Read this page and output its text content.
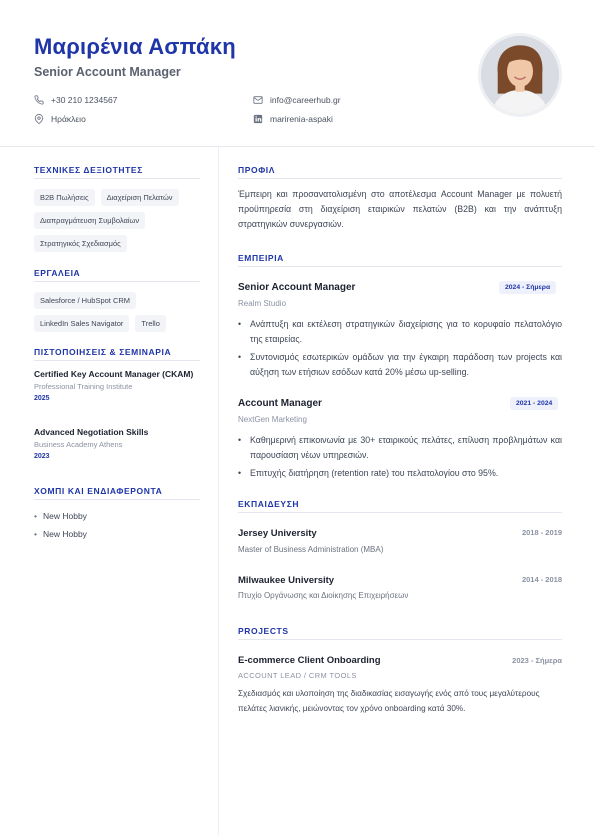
Μαριρένια Ασπάκη
Senior Account Manager
+30 210 1234567
Ηράκλειο
info@careerhub.gr
marirenia-aspaki
ΤΕΧΝΙΚΕΣ ΔΕΞΙΟΤΗΤΕΣ
B2B Πωλήσεις	Διαχείριση Πελατών
Διαπραγμάτευση Συμβολαίων
Στρατηγικός Σχεδιασμός
ΕΡΓΑΛΕΙΑ
Salesforce / HubSpot CRM
LinkedIn Sales Navigator	Trello
ΠΙΣΤΟΠΟΙΗΣΕΙΣ & ΣΕΜΙΝΑΡΙΑ
Certified Key Account Manager (CKAM)
Professional Training Institute
2025
Advanced Negotiation Skills
Business Academy Athens
2023
ΧΟΜΠΙ ΚΑΙ ΕΝΔΙΑΦΕΡΟΝΤΑ
• New Hobby
• New Hobby
ΠΡΟΦΙΛ
Έμπειρη και προσανατολισμένη στο αποτέλεσμα Account Manager με πολυετή προϋπηρεσία στη διαχείριση εταιρικών πελατών (B2B) και την ανάπτυξη στρατηγικών συνεργασιών.
ΕΜΠΕΙΡΙΑ
Senior Account Manager	2024 - Σήμερα
Realm Studio
• Ανάπτυξη και εκτέλεση στρατηγικών διαχείρισης για το κορυφαίο πελατολόγιο της εταιρείας.
• Συντονισμός εσωτερικών ομάδων για την έγκαιρη παράδοση των projects και αύξηση των ετήσιων εσόδων κατά 20% μέσω up-selling.
Account Manager	2021 - 2024
NextGen Marketing
• Καθημερινή επικοινωνία με 30+ εταιρικούς πελάτες, επίλυση προβλημάτων και παρουσίαση νέων υπηρεσιών.
• Επιτυχής διατήρηση (retention rate) του πελατολογίου στο 95%.
ΕΚΠΑΙΔΕΥΣΗ
Jersey University	2018 - 2019
Master of Business Administration (MBA)
Milwaukee University	2014 - 2018
Πτυχίο Οργάνωσης και Διοίκησης Επιχειρήσεων
PROJECTS
E-commerce Client Onboarding	2023 - Σήμερα
ACCOUNT LEAD / CRM TOOLS
Σχεδιασμός και υλοποίηση της διαδικασίας εισαγωγής ενός από τους μεγαλύτερους πελάτες λιανικής, μειώνοντας τον χρόνο onboarding κατά 30%.
